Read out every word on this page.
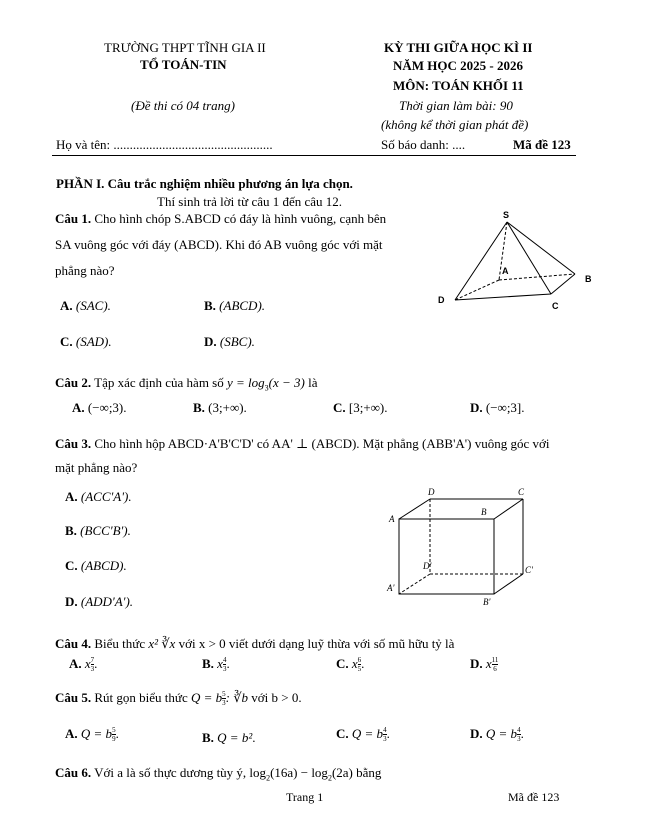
TRƯỜNG THPT TĨNH GIA II
TỔ TOÁN-TIN
(Đề thi có 04 trang)
KỲ THI GIỮA HỌC KÌ II
NĂM HỌC 2025 - 2026
MÔN: TOÁN KHỐI 11
Thời gian làm bài: 90
(không kể thời gian phát đề)
Họ và tên: .................................................	Số báo danh: ....	Mã đề 123
PHẦN I. Câu trắc nghiệm nhiều phương án lựa chọn.
Thí sinh trả lời từ câu 1 đến câu 12.
Câu 1. Cho hình chóp S.ABCD có đáy là hình vuông, cạnh bên
SA vuông góc với đáy (ABCD). Khi đó AB vuông góc với mặt
phẳng nào?
A. (SAC).	B. (ABCD).
C. (SAD).	D. (SBC).
S
A
B
C
D
Câu 2. Tập xác định của hàm số $y = \log_3(x - 3)$ là
A. (−∞;3).	B. (3;+∞).	C. [3;+∞).	D. (−∞;3].
Câu 3. Cho hình hộp ABCD·A'B'C'D' có AA' ⊥ (ABCD). Mặt phẳng (ABB'A') vuông góc với
mặt phẳng nào?
A. (ACC'A').
B. (BCC'B').
C. (ABCD).
D. (ADD'A').
D	C
A
B
D'	C'
A'
B'
Câu 4. Biểu thức x² ∛x với x > 0 viết dưới dạng luỹ thừa với số mũ hữu tỷ là
A. x $\frac{7}{3}$ .	B. x $\frac{4}{3}$ .	C. x $\frac{6}{5}$ .	D. x $\frac{11}{6}$
Câu 5. Rút gọn biểu thức Q = b $\frac{5}{3}$ : ∛b với b > 0.
A. Q = b $\frac{5}{9}$ .	B. Q = b².	C. Q = b $\frac{4}{3}$ .	D. Q = b $\frac{4}{3}$ .
Câu 6. Với a là số thực dương tùy ý, $\log_2(16a) - \log_2(2a)$ bằng
Trang 1	Mã đề 123
